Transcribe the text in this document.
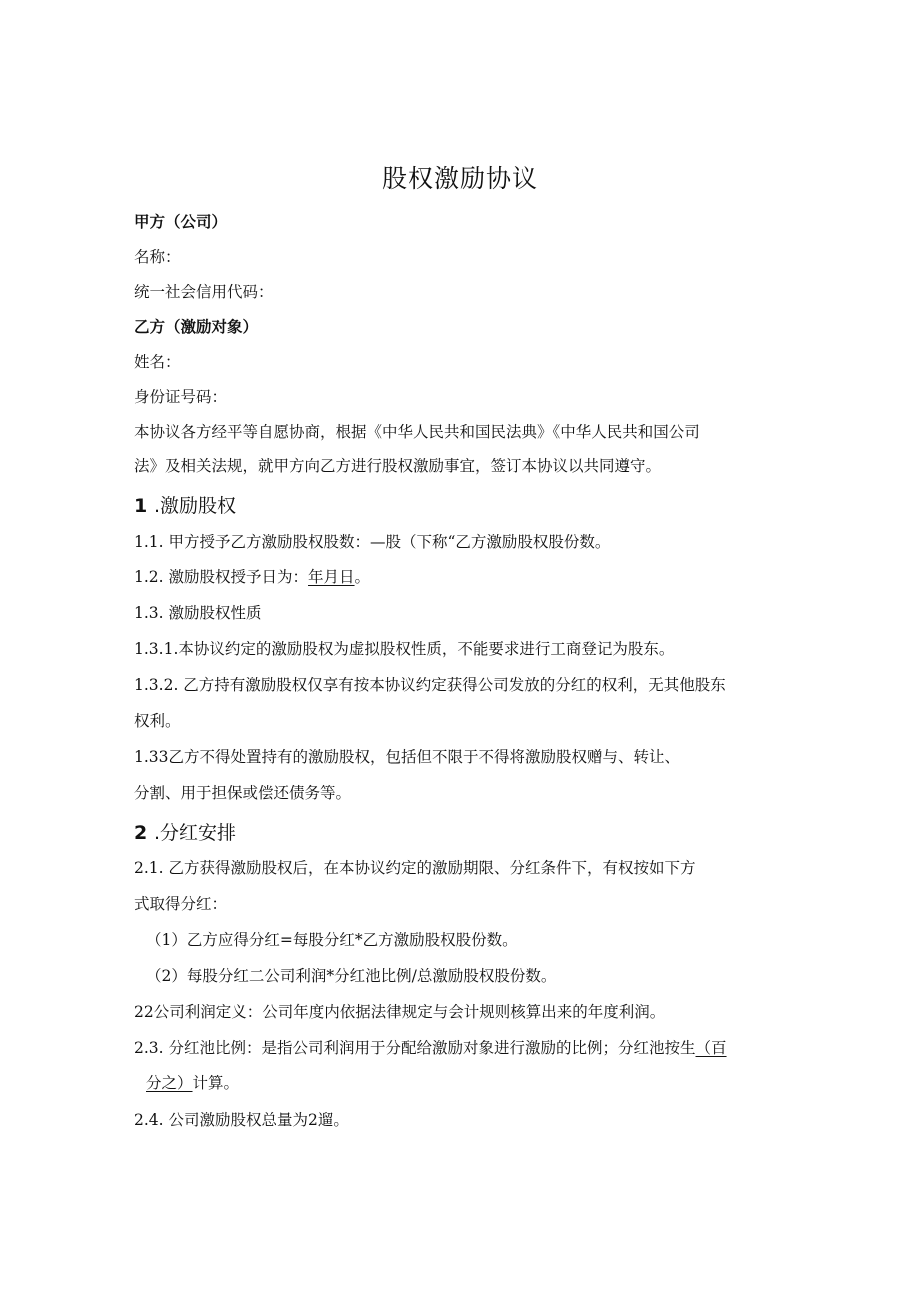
股权激励协议
甲方（公司）
名称：
统一社会信用代码：
乙方（激励对象）
姓名：
身份证号码：
本协议各方经平等自愿协商，根据《中华人民共和国民法典》《中华人民共和国公司
法》及相关法规，就甲方向乙方进行股权激励事宜，签订本协议以共同遵守。
1 .激励股权
1.1. 甲方授予乙方激励股权股数：—股（下称“乙方激励股权股份数。
1.2. 激励股权授予日为：年月日。
1.3. 激励股权性质
1.3.1.本协议约定的激励股权为虚拟股权性质，不能要求进行工商登记为股东。
1.3.2. 乙方持有激励股权仅享有按本协议约定获得公司发放的分红的权利，无其他股东
权利。
1.33乙方不得处置持有的激励股权，包括但不限于不得将激励股权赠与、转让、
分割、用于担保或偿还债务等。
2 .分红安排
2.1. 乙方获得激励股权后，在本协议约定的激励期限、分红条件下，有权按如下方
式取得分红：
（1）乙方应得分红=每股分红*乙方激励股权股份数。
（2）每股分红二公司利润*分红池比例/总激励股权股份数。
22公司利润定义：公司年度内依据法律规定与会计规则核算出来的年度利润。
2.3. 分红池比例：是指公司利润用于分配给激励对象进行激励的比例；分红池按生（百
分之）计算。
2.4. 公司激励股权总量为2遛。
